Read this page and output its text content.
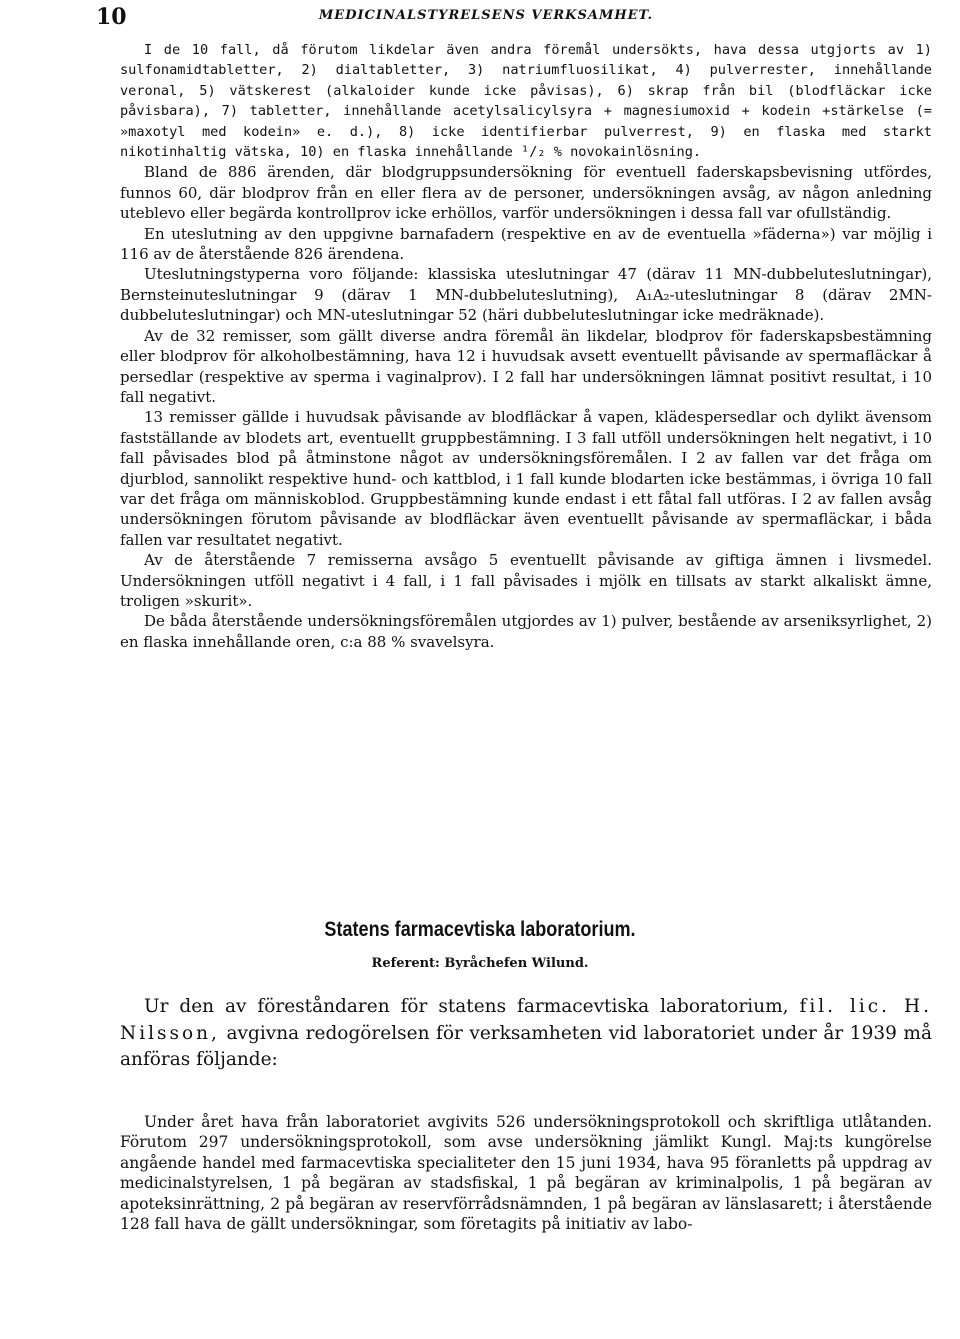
10	MEDICINALSTYRELSENS VERKSAMHET.

I de 10 fall, då förutom likdelar även andra föremål undersökts, hava dessa utgjorts av 1) sulfonamidtabletter, 2) dialtabletter, 3) natriumfluosilikat, 4) pulverrester, innehållande veronal, 5) vätskerest (alkaloider kunde icke påvisas), 6) skrap från bil (blodfläckar icke påvisbara), 7) tabletter, innehållande acetylsalicylsyra + magnesiumoxid + kodein +stärkelse (= »maxotyl med kodein» e. d.), 8) icke identifierbar pulverrest, 9) en flaska med starkt nikotinhaltig vätska, 10) en flaska innehållande ¹/₂ % novokainlösning.

Bland de 886 ärenden, där blodgruppsundersökning för eventuell faderskapsbevisning utfördes, funnos 60, där blodprov från en eller flera av de personer, undersökningen avsåg, av någon anledning uteblevo eller begärda kontrollprov icke erhöllos, varför undersökningen i dessa fall var ofullständig.

En uteslutning av den uppgivne barnafadern (respektive en av de eventuella »fäderna») var möjlig i 116 av de återstående 826 ärendena.

Uteslutningstyperna voro följande: klassiska uteslutningar 47 (därav 11 MN-dubbeluteslutningar), Bernsteinuteslutningar 9 (därav 1 MN-dubbeluteslutning), A₁A₂-uteslutningar 8 (därav 2MN-dubbeluteslutningar) och MN-uteslutningar 52 (häri dubbeluteslutningar icke medräknade).

Av de 32 remisser, som gällt diverse andra föremål än likdelar, blodprov för faderskapsbestämning eller blodprov för alkoholbestämning, hava 12 i huvudsak avsett eventuellt påvisande av spermafläckar å persedlar (respektive av sperma i vaginalprov). I 2 fall har undersökningen lämnat positivt resultat, i 10 fall negativt.

13 remisser gällde i huvudsak påvisande av blodfläckar å vapen, klädespersedlar och dylikt ävensom fastställande av blodets art, eventuellt gruppbestämning. I 3 fall utföll undersökningen helt negativt, i 10 fall påvisades blod på åtminstone något av undersökningsföremålen. I 2 av fallen var det fråga om djurblod, sannolikt respektive hund- och kattblod, i 1 fall kunde blodarten icke bestämmas, i övriga 10 fall var det fråga om människoblod. Gruppbestämning kunde endast i ett fåtal fall utföras. I 2 av fallen avsåg undersökningen förutom påvisande av blodfläckar även eventuellt påvisande av spermafläckar, i båda fallen var resultatet negativt.

Av de återstående 7 remisserna avsågo 5 eventuellt påvisande av giftiga ämnen i livsmedel. Undersökningen utföll negativt i 4 fall, i 1 fall påvisades i mjölk en tillsats av starkt alkaliskt ämne, troligen »skurit».

De båda återstående undersökningsföremålen utgjordes av 1) pulver, bestående av arseniksyrlighet, 2) en flaska innehållande oren, c:a 88 % svavelsyra.

Statens farmacevtiska laboratorium.
Referent: Byråchefen Wilund.

Ur den av föreståndaren för statens farmacevtiska laboratorium, fil. lic. H. Nilsson, avgivna redogörelsen för verksamheten vid laboratoriet under år 1939 må anföras följande:

Under året hava från laboratoriet avgivits 526 undersökningsprotokoll och skriftliga utlåtanden. Förutom 297 undersökningsprotokoll, som avse undersökning jämlikt Kungl. Maj:ts kungörelse angående handel med farmacevtiska specialiteter den 15 juni 1934, hava 95 föranletts på uppdrag av medicinalstyrelsen, 1 på begäran av stadsfiskal, 1 på begäran av kriminalpolis, 1 på begäran av apoteksinrättning, 2 på begäran av reservförrådsnämnden, 1 på begäran av länslasarett; i återstående 128 fall hava de gällt undersökningar, som företagits på initiativ av labo-
